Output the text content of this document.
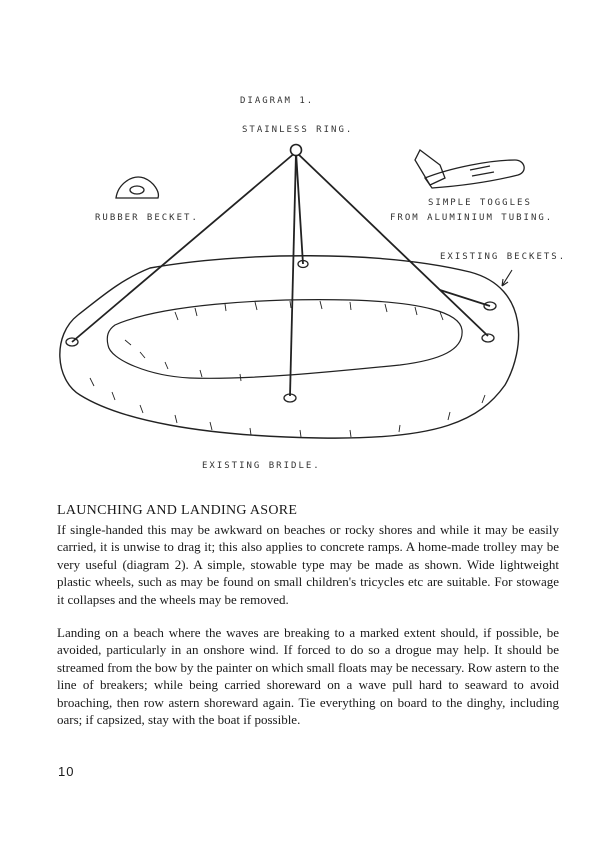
DIAGRAM 1.
STAINLESS RING.
SIMPLE TOGGLES
FROM ALUMINIUM TUBING.
RUBBER BECKET.
EXISTING BECKETS.
EXISTING BRIDLE.
LAUNCHING AND LANDING ASORE

If single-handed this may be awkward on beaches or rocky shores and while it may be easily carried, it is unwise to drag it; this also applies to concrete ramps. A home-made trolley may be very useful (diagram 2). A simple, stowable type may be made as shown. Wide lightweight plastic wheels, such as may be found on small children's tricycles etc are suitable. For stowage it collapses and the wheels may be removed.

Landing on a beach where the waves are breaking to a marked extent should, if possible, be avoided, particularly in an onshore wind. If forced to do so a drogue may help. It should be streamed from the bow by the painter on which small floats may be necessary. Row astern to the line of breakers; while being carried shoreward on a wave pull hard to seaward to avoid broaching, then row astern shoreward again. Tie everything on board to the dinghy, including oars; if capsized, stay with the boat if possible.

10
